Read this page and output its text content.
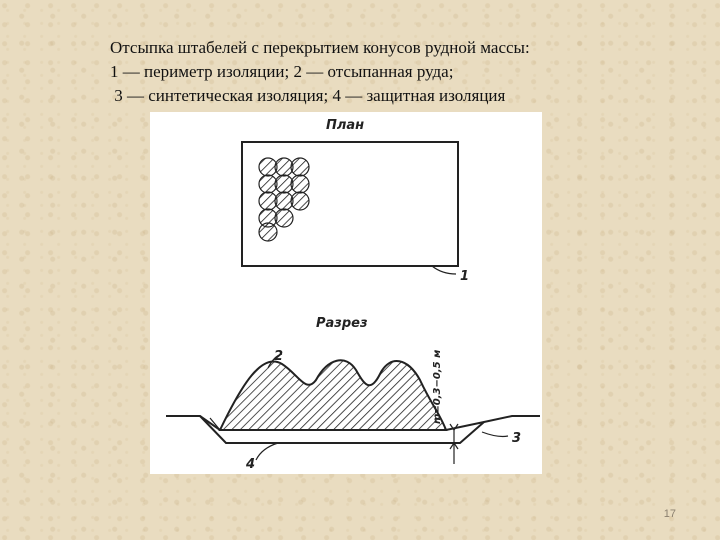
Отсыпка штабелей с перекрытием конусов рудной массы:
1 — периметр изоляции; 2 — отсыпанная руда;
3 — синтетическая изоляция; 4 — защитная изоляция
План
1
Разрез
4
3
2	m=0,3−0,5 м
17
